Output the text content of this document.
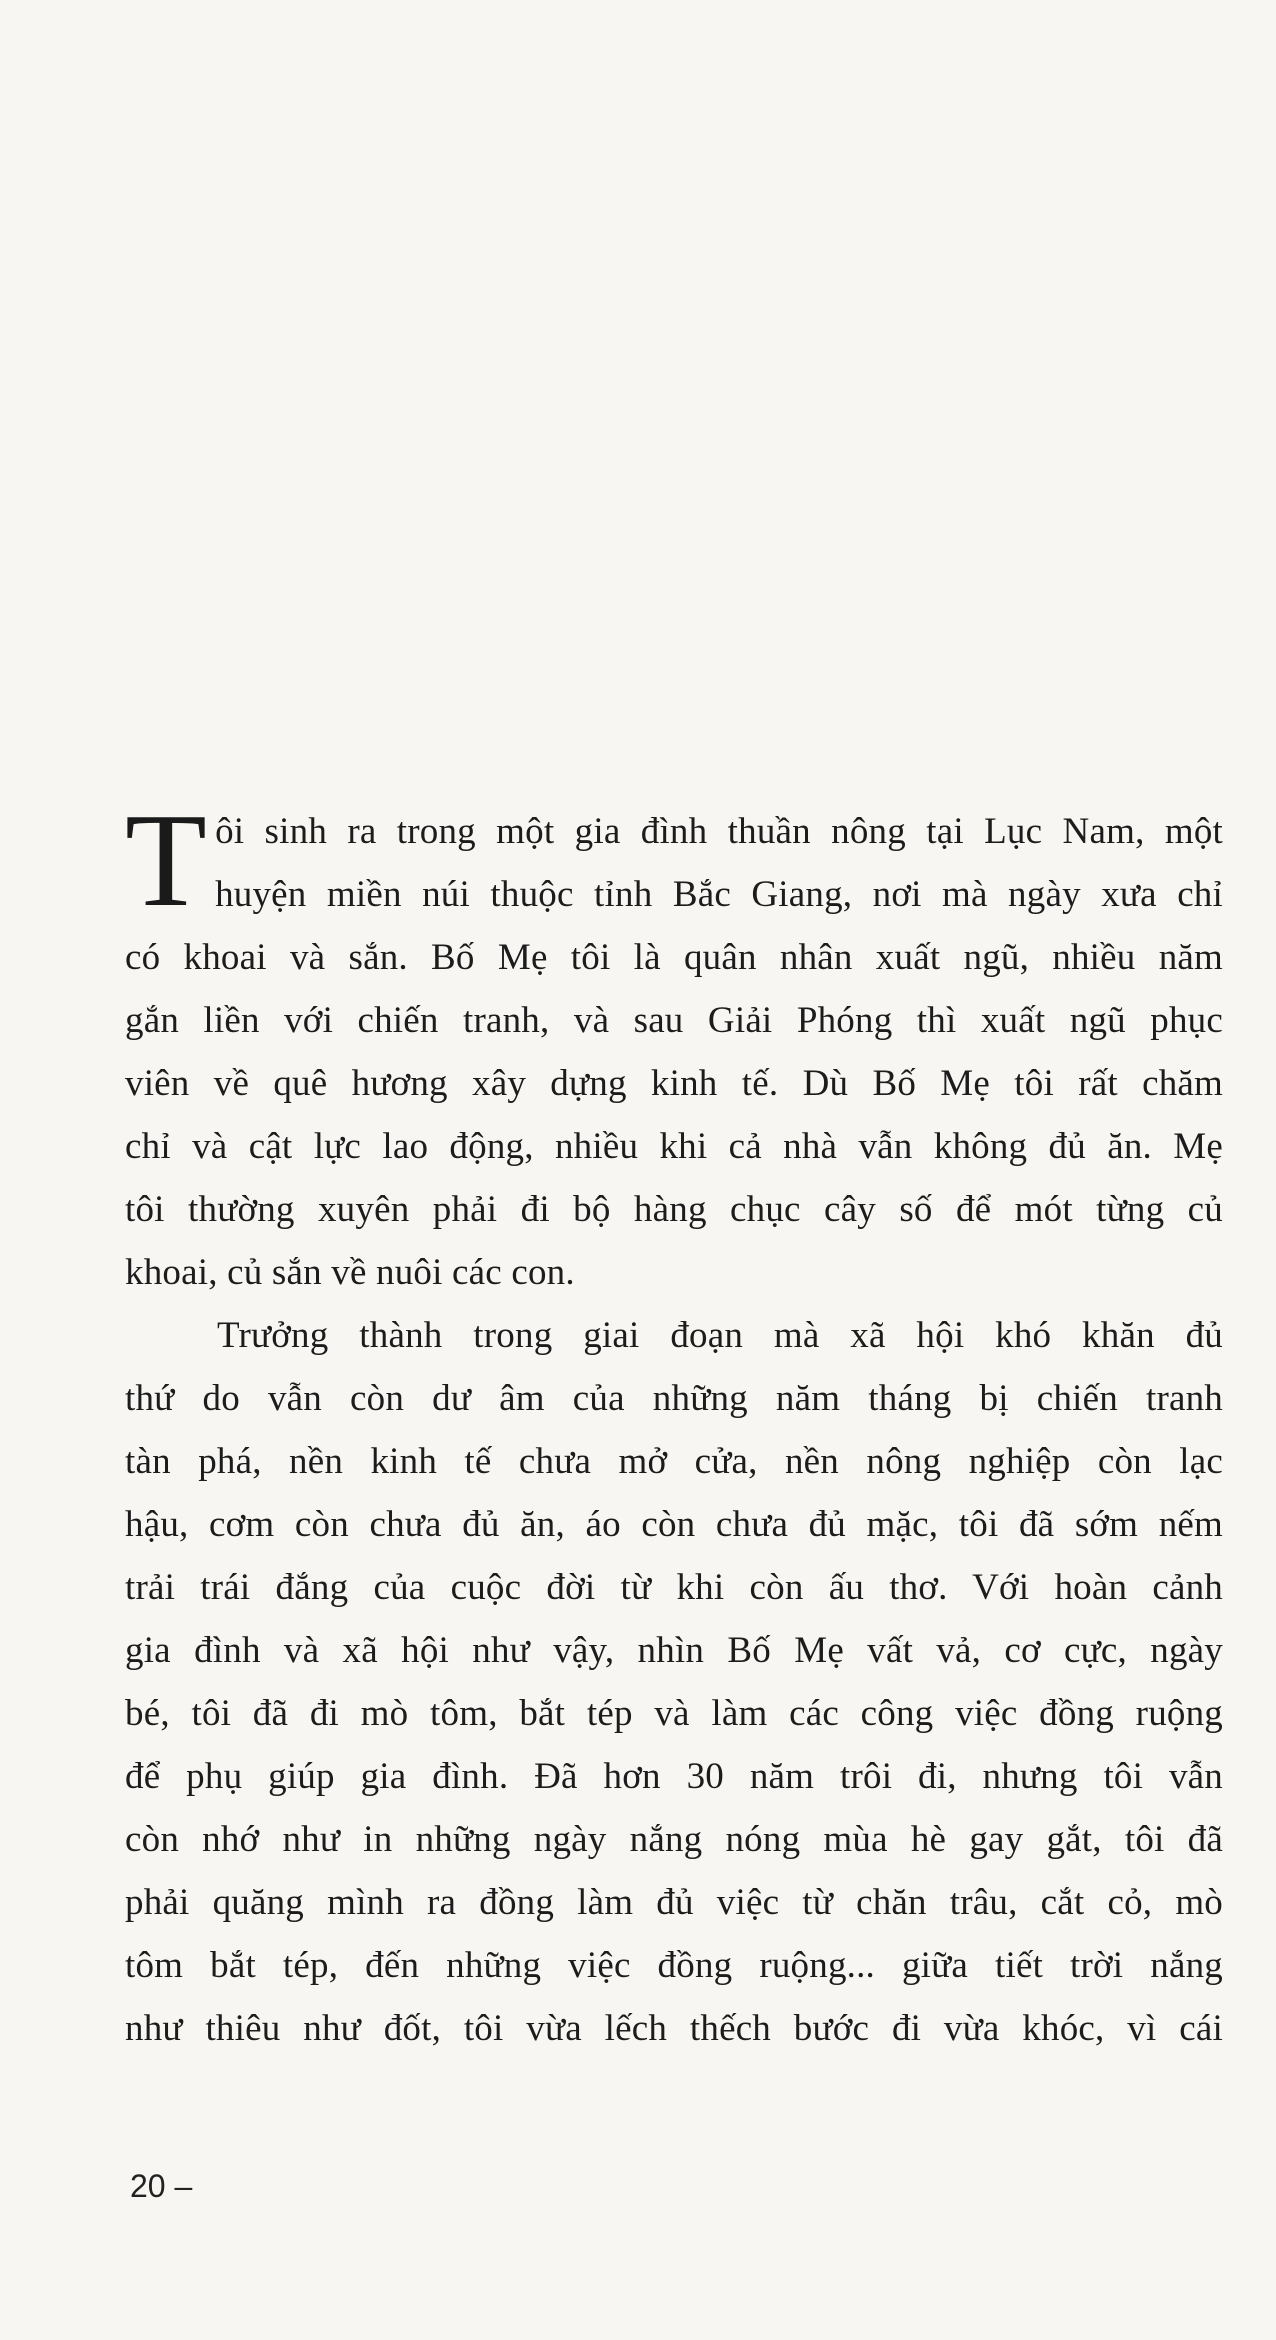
T ôi sinh ra trong một gia đình thuần nông tại Lục Nam, một
huyện miền núi thuộc tỉnh Bắc Giang, nơi mà ngày xưa chỉ
có khoai và sắn. Bố Mẹ tôi là quân nhân xuất ngũ, nhiều năm
gắn liền với chiến tranh, và sau Giải Phóng thì xuất ngũ phục
viên về quê hương xây dựng kinh tế. Dù Bố Mẹ tôi rất chăm
chỉ và cật lực lao động, nhiều khi cả nhà vẫn không đủ ăn. Mẹ
tôi thường xuyên phải đi bộ hàng chục cây số để mót từng củ
khoai, củ sắn về nuôi các con.
Trưởng thành trong giai đoạn mà xã hội khó khăn đủ
thứ do vẫn còn dư âm của những năm tháng bị chiến tranh
tàn phá, nền kinh tế chưa mở cửa, nền nông nghiệp còn lạc
hậu, cơm còn chưa đủ ăn, áo còn chưa đủ mặc, tôi đã sớm nếm
trải trái đắng của cuộc đời từ khi còn ấu thơ. Với hoàn cảnh
gia đình và xã hội như vậy, nhìn Bố Mẹ vất vả, cơ cực, ngày
bé, tôi đã đi mò tôm, bắt tép và làm các công việc đồng ruộng
để phụ giúp gia đình. Đã hơn 30 năm trôi đi, nhưng tôi vẫn
còn nhớ như in những ngày nắng nóng mùa hè gay gắt, tôi đã
phải quăng mình ra đồng làm đủ việc từ chăn trâu, cắt cỏ, mò
tôm bắt tép, đến những việc đồng ruộng... giữa tiết trời nắng
như thiêu như đốt, tôi vừa lếch thếch bước đi vừa khóc, vì cái
20 –
